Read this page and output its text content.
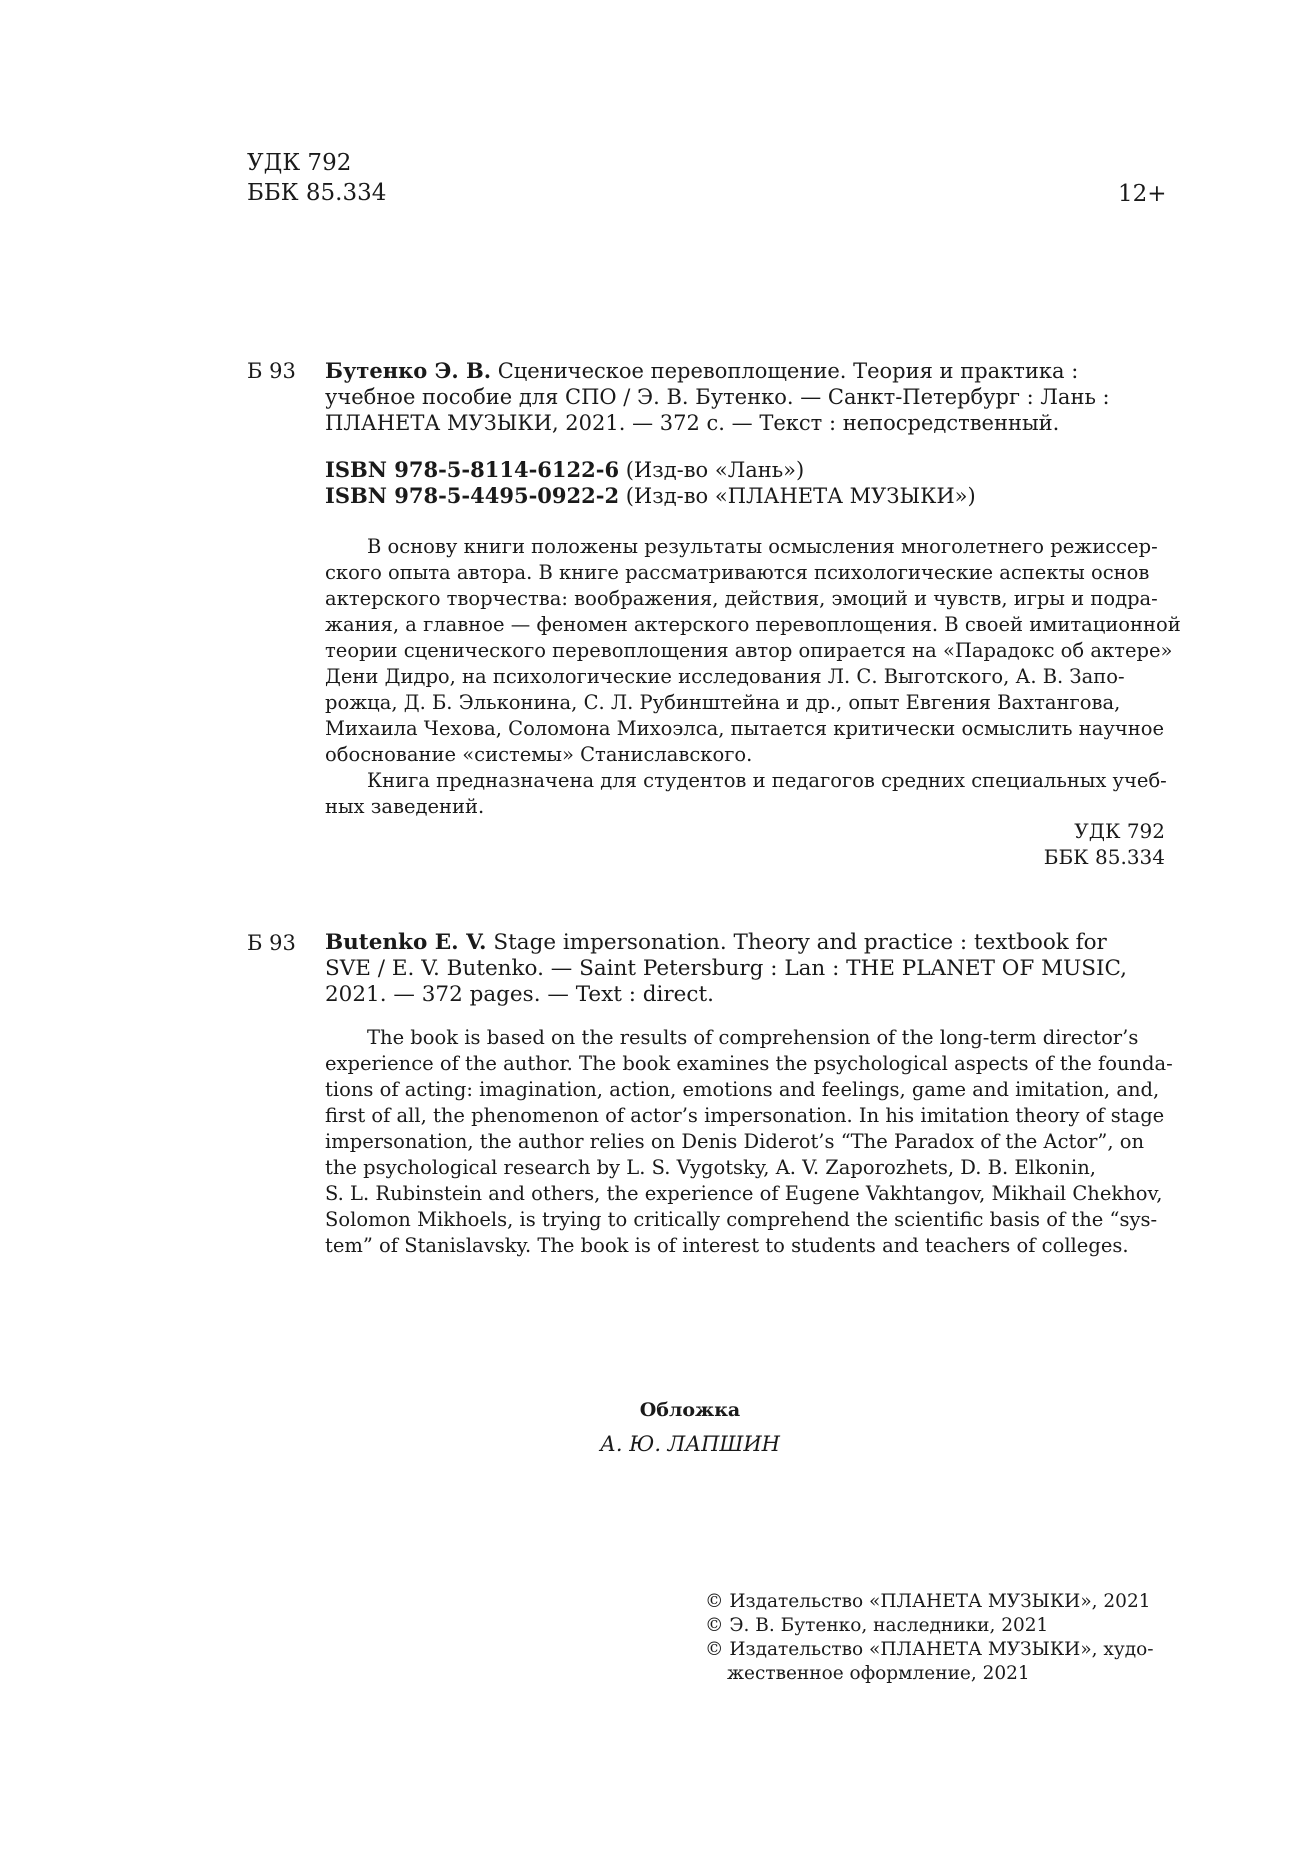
УДК 792
ББК 85.334	12+
Б 93 Бутенко Э. В. Сценическое перевоплощение. Теория и практика :
учебное пособие для СПО / Э. В. Бутенко. — Санкт-Петербург : Лань :
ПЛАНЕТА МУЗЫКИ, 2021. — 372 с. — Текст : непосредственный.
ISBN 978-5-8114-6122-6 (Изд-во «Лань»)
ISBN 978-5-4495-0922-2 (Изд-во «ПЛАНЕТА МУЗЫКИ»)
В основу книги положены результаты осмысления многолетнего режиссер-
ского опыта автора. В книге рассматриваются психологические аспекты основ
актерского творчества: воображения, действия, эмоций и чувств, игры и подра-
жания, а главное — феномен актерского перевоплощения. В своей имитационной
теории сценического перевоплощения автор опирается на «Парадокс об актере»
Дени Дидро, на психологические исследования Л. С. Выготского, А. В. Запо-
рожца, Д. Б. Эльконина, С. Л. Рубинштейна и др., опыт Евгения Вахтангова,
Михаила Чехова, Соломона Михоэлса, пытается критически осмыслить научное
обоснование «системы» Станиславского.
Книга предназначена для студентов и педагогов средних специальных учеб-
ных заведений.
УДК 792
ББК 85.334
Б 93 Butenko E. V. Stage impersonation. Theory and practice : textbook for
SVE / E. V. Butenko. — Saint Petersburg : Lan : THE PLANET OF MUSIC,
2021. — 372 pages. — Text : direct.
The book is based on the results of comprehension of the long-term director’s
experience of the author. The book examines the psychological aspects of the founda-
tions of acting: imagination, action, emotions and feelings, game and imitation, and,
first of all, the phenomenon of actor’s impersonation. In his imitation theory of stage
impersonation, the author relies on Denis Diderot’s “The Paradox of the Actor”, on
the psychological research by L. S. Vygotsky, A. V. Zaporozhets, D. B. Elkonin,
S. L. Rubinstein and others, the experience of Eugene Vakhtangov, Mikhail Chekhov,
Solomon Mikhoels, is trying to critically comprehend the scientific basis of the “sys-
tem” of Stanislavsky. The book is of interest to students and teachers of colleges.
Обложка
А. Ю. ЛАПШИН
© Издательство «ПЛАНЕТА МУЗЫКИ», 2021
© Э. В. Бутенко, наследники, 2021
© Издательство «ПЛАНЕТА МУЗЫКИ», худо-
жественное оформление, 2021
